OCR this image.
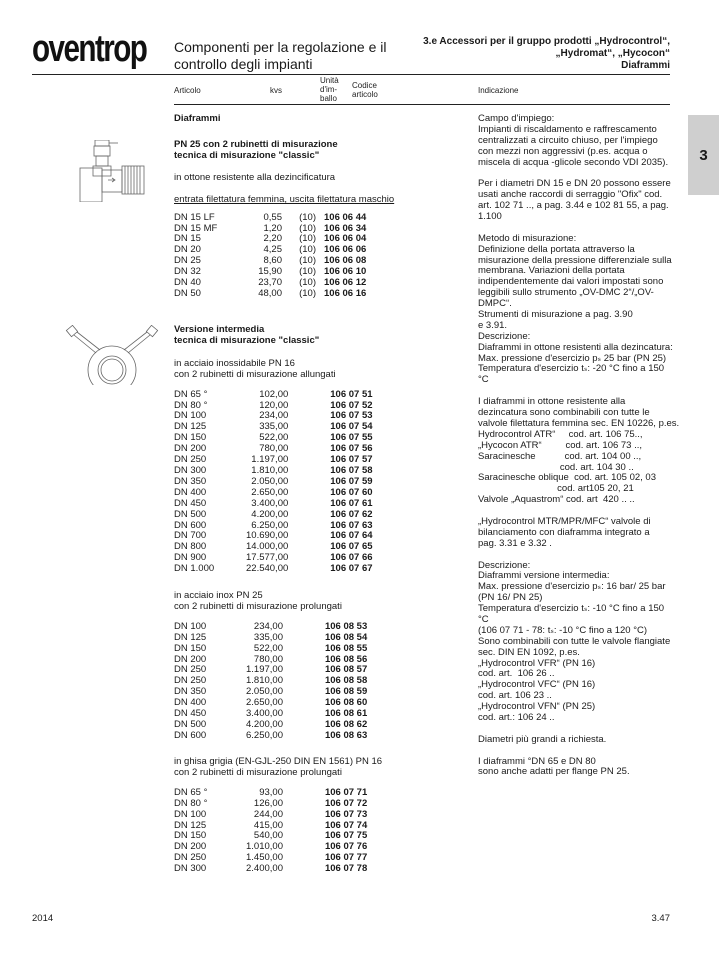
oventrop Componenti per la regolazione e il controllo degli impianti
3.e Accessori per il gruppo prodotti „Hydrocontrol“,
„Hydromat“, „Hycocon“
Diaframmi
Articolo	kvs
Unità d'im- ballo
Codice articolo	Indicazione
3
Diaframmi
PN 25 con 2 rubinetti di misurazione
tecnica di misurazione "classic"
in ottone resistente alla dezincificatura
entrata filettatura femmina, uscita filettatura maschio
DN 15 LF	0,55	(10)	106 06 44
DN 15 MF	1,20	(10)	106 06 34
DN 15	2,20	(10)	106 06 04
DN 20	4,25	(10)	106 06 06
DN 25	8,60	(10)	106 06 08
DN 32	15,90	(10)	106 06 10
DN 40	23,70	(10)	106 06 12
DN 50	48,00	(10)	106 06 16
Versione intermedia
tecnica di misurazione "classic"
in acciaio inossidabile PN 16
con 2 rubinetti di misurazione allungati
DN 65 °	102,00		106 07 51
DN 80 °	120,00		106 07 52
DN 100	234,00		106 07 53
DN 125	335,00		106 07 54
DN 150	522,00		106 07 55
DN 200	780,00		106 07 56
DN 250	1.197,00		106 07 57
DN 300	1.810,00		106 07 58
DN 350	2.050,00		106 07 59
DN 400	2.650,00		106 07 60
DN 450	3.400,00		106 07 61
DN 500	4.200,00		106 07 62
DN 600	6.250,00		106 07 63
DN 700	10.690,00		106 07 64
DN 800	14.000,00		106 07 65
DN 900	17.577,00		106 07 66
DN 1.000	22.540,00		106 07 67
in acciaio inox PN 25
con 2 rubinetti di misurazione prolungati
DN 100	234,00		106 08 53
DN 125	335,00		106 08 54
DN 150	522,00		106 08 55
DN 200	780,00		106 08 56
DN 250	1.197,00		106 08 57
DN 250	1.810,00		106 08 58
DN 350	2.050,00		106 08 59
DN 400	2.650,00		106 08 60
DN 450	3.400,00		106 08 61
DN 500	4.200,00		106 08 62
DN 600	6.250,00		106 08 63
in ghisa grigia (EN-GJL-250 DIN EN 1561) PN 16
con 2 rubinetti di misurazione prolungati
DN 65 °	93,00		106 07 71
DN 80 °	126,00		106 07 72
DN 100	244,00		106 07 73
DN 125	415,00		106 07 74
DN 150	540,00		106 07 75
DN 200	1.010,00		106 07 76
DN 250	1.450,00		106 07 77
DN 300	2.400,00		106 07 78
Campo d'impiego:
Impianti di riscaldamento e raffrescamento
centralizzati a circuito chiuso, per l'impiego
con mezzi non aggressivi (p.es. acqua o
miscela di acqua -glicole secondo VDI 2035).
Per i diametri DN 15 e DN 20 possono essere
usati anche raccordi di serraggio "Ofix" cod.
art. 102 71 .., a pag. 3.44 e 102 81 55, a pag.
1.100
Metodo di misurazione:
Definizione della portata attraverso la
misurazione della pressione differenziale sulla
membrana. Variazioni della portata
indipendentemente dai valori impostati sono
leggibili sullo strumento „OV-DMC 2“/„OV-
DMPC“.
Strumenti di misurazione a pag. 3.90
e 3.91.
Descrizione:
Diaframmi in ottone resistenti alla dezincatura:
Max. pressione d'esercizio pₛ 25 bar (PN 25)
Temperatura d'esercizio tₛ: -20 °C fino a 150
°C
I diaframmi in ottone resistente alla
dezincatura sono combinabili con tutte le
valvole filettatura femmina sec. EN 10226, p.es.
Hydrocontrol ATR“     cod. art. 106 75..,
„Hycocon ATR“         cod. art. 106 73 ..,
Saracinesche           cod. art. 104 00 ..,
cod. art. 104 30 ..
Saracinesche oblique  cod. art. 105 02, 03
cod. art105 20, 21
Valvole „Aquastrom“ cod. art  420 .. ..
„Hydrocontrol MTR/MPR/MFC“ valvole di
bilanciamento con diaframma integrato a
pag. 3.31 e 3.32 .
Descrizione:
Diaframmi versione intermedia:
Max. pressione d'esercizio pₛ: 16 bar/ 25 bar
(PN 16/ PN 25)
Temperatura d'esercizio tₛ: -10 °C fino a 150
°C
(106 07 71 - 78: tₛ: -10 °C fino a 120 °C)
Sono combinabili con tutte le valvole flangiate
sec. DIN EN 1092, p.es.
„Hydrocontrol VFR“ (PN 16)
cod. art.  106 26 ..
„Hydrocontrol VFC“ (PN 16)
cod. art. 106 23 ..
„Hydrocontrol VFN“ (PN 25)
cod. art.: 106 24 ..
Diametri più grandi a richiesta.
I diaframmi °DN 65 e DN 80
sono anche adatti per flange PN 25.
2014	3.47
